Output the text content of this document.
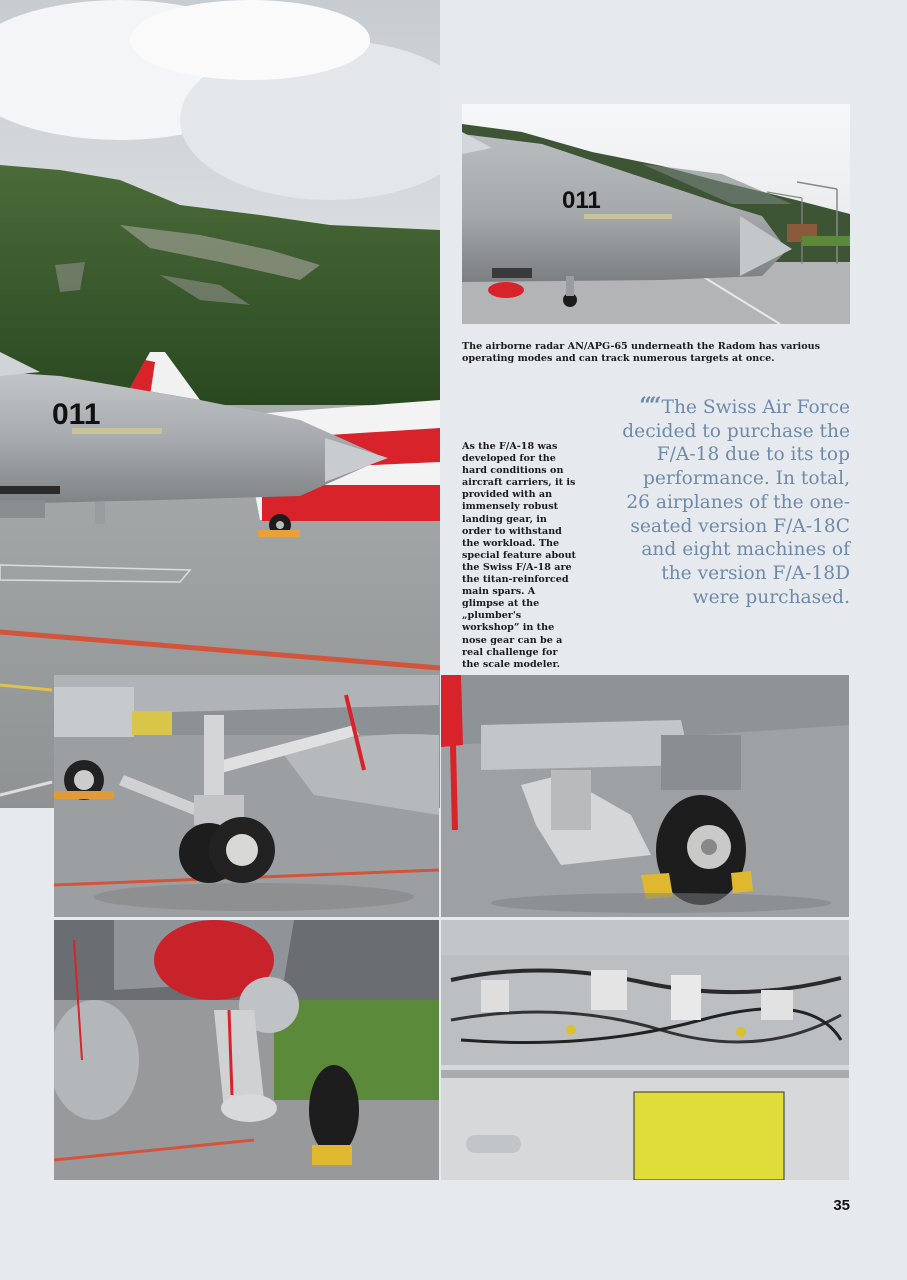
011
011
The airborne radar AN/APG-65 underneath the Radom has various operating modes and can track numerous targets at once.
As the F/A-18 was developed for the hard conditions on aircraft carriers, it is provided with an immensely robust landing gear, in order to withstand the workload. The special feature about the Swiss F/A-18 are the titan-reinforced main spars. A glimpse at the „plumber's workshop” in the nose gear can be a real challenge for the scale modeler.
““ The Swiss Air Force decided to purchase the F/A-18 due to its top performance. In total, 26 airplanes of the one-seated version F/A-18C and eight machines of the version F/A-18D were purchased.
35
